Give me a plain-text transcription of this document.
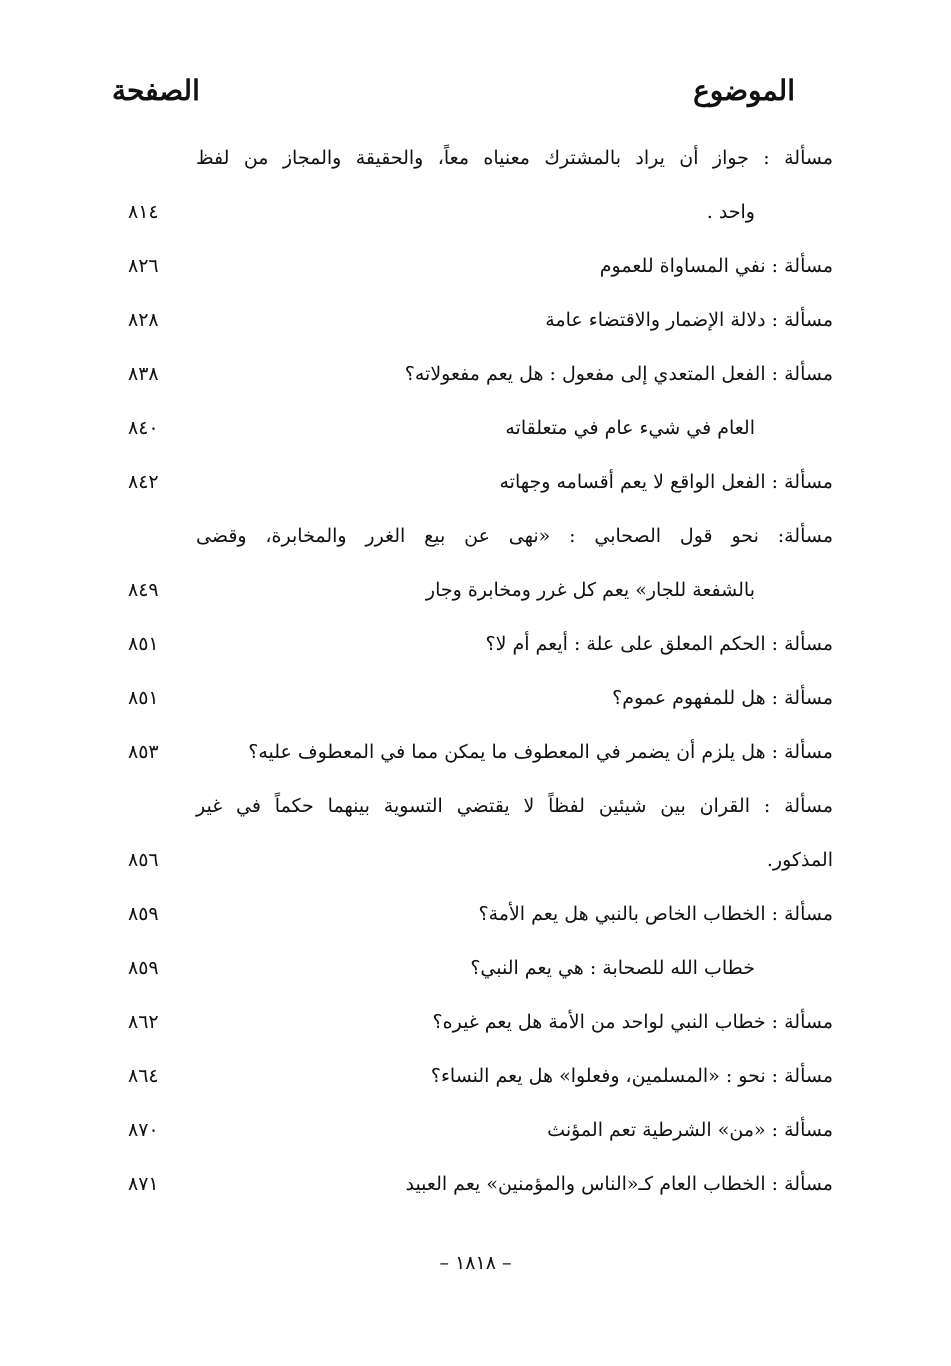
الموضوع
الصفحة
مسألة : جواز أن يراد بالمشترك معنياه معاً، والحقيقة والمجاز من لفظ
واحد .
٨١٤
مسألة : نفي المساواة للعموم
٨٢٦
مسألة : دلالة الإضمار والاقتضاء عامة
٨٢٨
مسألة : الفعل المتعدي إلى مفعول : هل يعم مفعولاته؟
٨٣٨
العام في شيء عام في متعلقاته
٨٤٠
مسألة : الفعل الواقع لا يعم أقسامه وجهاته
٨٤٢
مسألة: نحو قول الصحابي : «نهى عن بيع الغرر والمخابرة، وقضى
بالشفعة للجار» يعم كل غرر ومخابرة وجار
٨٤٩
مسألة : الحكم المعلق على علة : أيعم أم لا؟
٨٥١
مسألة : هل للمفهوم عموم؟
٨٥١
مسألة : هل يلزم أن يضمر في المعطوف ما يمكن مما في المعطوف عليه؟
٨٥٣
مسألة : القران بين شيئين لفظاً لا يقتضي التسوية بينهما حكماً في غير
المذكور.
٨٥٦
مسألة : الخطاب الخاص بالنبي هل يعم الأمة؟
٨٥٩
خطاب الله للصحابة : هي يعم النبي؟
٨٥٩
مسألة : خطاب النبي لواحد من الأمة هل يعم غيره؟
٨٦٢
مسألة : نحو : «المسلمين، وفعلوا» هل يعم النساء؟
٨٦٤
مسألة : «من» الشرطية تعم المؤنث
٨٧٠
مسألة : الخطاب العام كـ«الناس والمؤمنين» يعم العبيد
٨٧١
– ١٨١٨ –
